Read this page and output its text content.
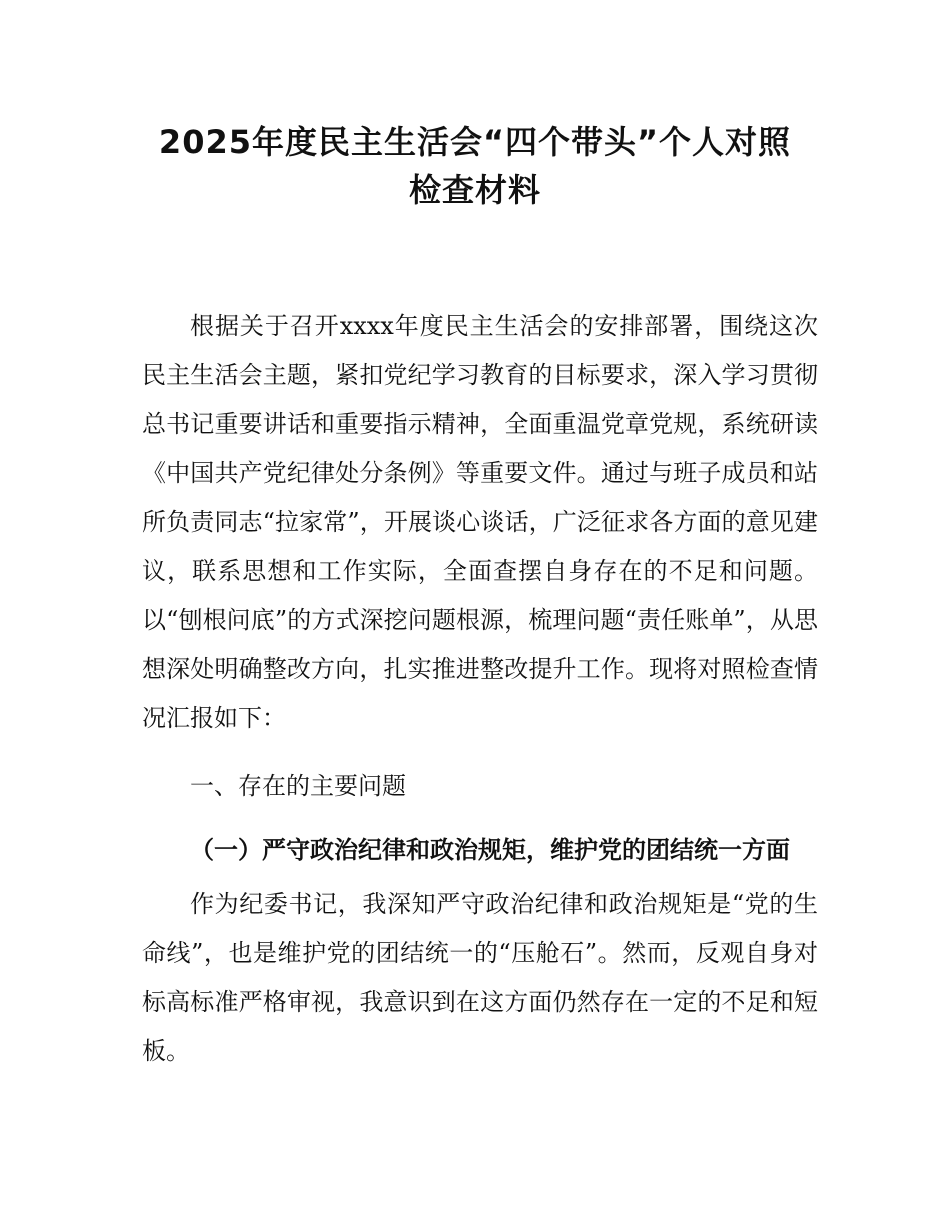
2025年度民主生活会“四个带头”个人对照
检查材料

根据关于召开xxxx年度民主生活会的安排部署，围绕这次民主生活会主题，紧扣党纪学习教育的目标要求，深入学习贯彻总书记重要讲话和重要指示精神，全面重温党章党规，系统研读《中国共产党纪律处分条例》等重要文件。通过与班子成员和站所负责同志“拉家常”，开展谈心谈话，广泛征求各方面的意见建议，联系思想和工作实际，全面查摆自身存在的不足和问题。以“刨根问底”的方式深挖问题根源，梳理问题“责任账单”，从思想深处明确整改方向，扎实推进整改提升工作。现将对照检查情况汇报如下：

一、存在的主要问题
（一）严守政治纪律和政治规矩，维护党的团结统一方面

作为纪委书记，我深知严守政治纪律和政治规矩是“党的生命线”，也是维护党的团结统一的“压舱石”。然而，反观自身对标高标准严格审视，我意识到在这方面仍然存在一定的不足和短板。
